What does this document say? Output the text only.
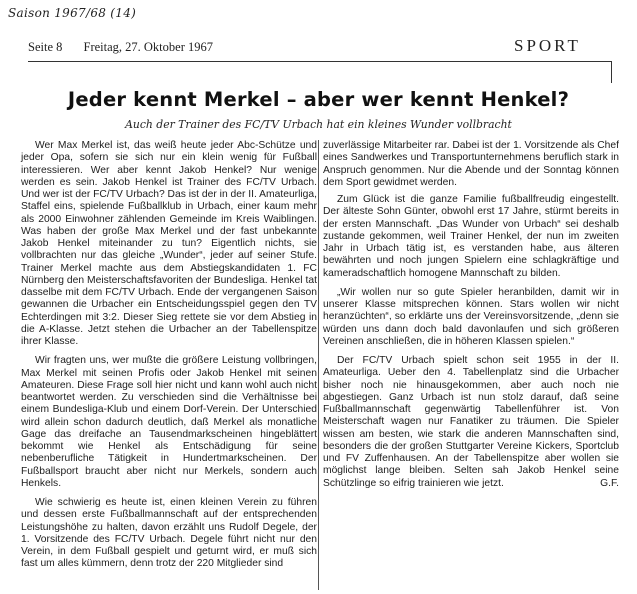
Saison 1967/68 (14)
Seite 8 Freitag, 27. Oktober 1967	SPORT
Jeder kennt Merkel – aber wer kennt Henkel?
Auch der Trainer des FC/TV Urbach hat ein kleines Wunder vollbracht

Wer Max Merkel ist, das weiß heute jeder Abc-Schütze und jeder Opa, sofern sie sich nur ein klein wenig für Fußball interessieren. Wer aber kennt Jakob Henkel? Nur wenige werden es sein. Jakob Henkel ist Trainer des FC/TV Urbach. Und wer ist der FC/TV Urbach? Das ist der in der II. Amateurliga, Staffel eins, spielende Fußballklub in Urbach, einer kaum mehr als 2000 Einwohner zählenden Gemeinde im Kreis Waiblingen. Was haben der große Max Merkel und der fast unbekannte Jakob Henkel miteinander zu tun? Eigentlich nichts, sie vollbrachten nur das gleiche „Wunder“, jeder auf seiner Stufe. Trainer Merkel machte aus dem Abstiegskandidaten 1. FC Nürnberg den Meisterschaftsfavoriten der Bundesliga. Henkel tat dasselbe mit dem FC/TV Urbach. Ende der vergangenen Saison gewannen die Urbacher ein Entscheidungsspiel gegen den TV Echterdingen mit 3:2. Dieser Sieg rettete sie vor dem Abstieg in die A-Klasse. Jetzt stehen die Urbacher an der Tabellenspitze ihrer Klasse.

Wir fragten uns, wer mußte die größere Leistung vollbringen, Max Merkel mit seinen Profis oder Jakob Henkel mit seinen Amateuren. Diese Frage soll hier nicht und kann wohl auch nicht beantwortet werden. Zu verschieden sind die Verhältnisse bei einem Bundesliga-Klub und einem Dorf-Verein. Der Unterschied wird allein schon dadurch deutlich, daß Merkel als monatliche Gage das dreifache an Tausendmarkscheinen hingeblättert bekommt wie Henkel als Entschädigung für seine nebenberufliche Tätigkeit in Hundertmarkscheinen. Der Fußballsport braucht aber nicht nur Merkels, sondern auch Henkels.

Wie schwierig es heute ist, einen kleinen Verein zu führen und dessen erste Fußballmannschaft auf der entsprechenden Leistungshöhe zu halten, davon erzählt uns Rudolf Degele, der 1. Vorsitzende des FC/TV Urbach. Degele führt nicht nur den Verein, in dem Fußball gespielt und geturnt wird, er muß sich fast um alles kümmern, denn trotz der 220 Mitglieder sind

zuverlässige Mitarbeiter rar. Dabei ist der 1. Vorsitzende als Chef eines Sandwerkes und Transportunternehmens beruflich stark in Anspruch genommen. Nur die Abende und der Sonntag können dem Sport gewidmet werden.

Zum Glück ist die ganze Familie fußballfreudig eingestellt. Der älteste Sohn Günter, obwohl erst 17 Jahre, stürmt bereits in der ersten Mannschaft. „Das Wunder von Urbach“ sei deshalb zustande gekommen, weil Trainer Henkel, der nun im zweiten Jahr in Urbach tätig ist, es verstanden habe, aus älteren bewährten und noch jungen Spielern eine schlagkräftige und kameradschaftlich homogene Mannschaft zu bilden.

„Wir wollen nur so gute Spieler heranbilden, damit wir in unserer Klasse mitsprechen können. Stars wollen wir nicht heranzüchten“, so erklärte uns der Vereinsvorsitzende, „denn sie würden uns dann doch bald davonlaufen und sich größeren Vereinen anschließen, die in höheren Klassen spielen.“

Der FC/TV Urbach spielt schon seit 1955 in der II. Amateurliga. Ueber den 4. Tabellenplatz sind die Urbacher bisher noch nie hinausgekommen, aber auch noch nie abgestiegen. Ganz Urbach ist nun stolz darauf, daß seine Fußballmannschaft gegenwärtig Tabellenführer ist. Von Meisterschaft wagen nur Fanatiker zu träumen. Die Spieler wissen am besten, wie stark die anderen Mannschaften sind, besonders die der großen Stuttgarter Vereine Kickers, Sportclub und FV Zuffenhausen. An der Tabellenspitze aber wollen sie möglichst lange bleiben. Selten sah Jakob Henkel seine Schützlinge so eifrig trainieren wie jetzt.	G.F.
